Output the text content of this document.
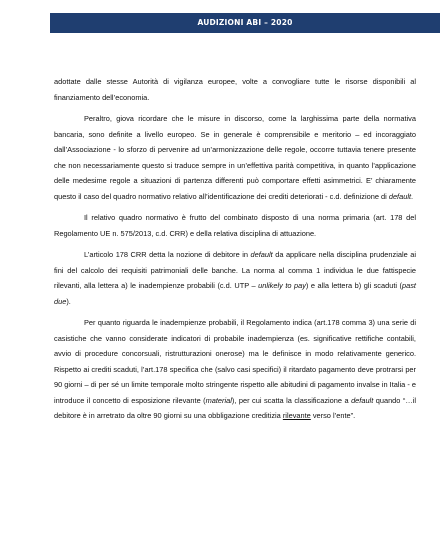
AUDIZIONI ABI – 2020

adottate dalle stesse Autorità di vigilanza europee, volte a convogliare tutte le risorse disponibili al finanziamento dell’economia.

Peraltro, giova ricordare che le misure in discorso, come la larghissima parte della normativa bancaria, sono definite a livello europeo. Se in generale è comprensibile e meritorio – ed incoraggiato dall’Associazione - lo sforzo di pervenire ad un’armonizzazione delle regole, occorre tuttavia tenere presente che non necessariamente questo si traduce sempre in un’effettiva parità competitiva, in quanto l’applicazione delle medesime regole a situazioni di partenza differenti può comportare effetti asimmetrici. E’ chiaramente questo il caso del quadro normativo relativo all’identificazione dei crediti deteriorati - c.d. definizione di default.

Il relativo quadro normativo è frutto del combinato disposto di una norma primaria (art. 178 del Regolamento UE n. 575/2013, c.d. CRR) e della relativa disciplina di attuazione.

L’articolo 178 CRR detta la nozione di debitore in default da applicare nella disciplina prudenziale ai fini del calcolo dei requisiti patrimoniali delle banche. La norma al comma 1 individua le due fattispecie rilevanti, alla lettera a) le inadempienze probabili (c.d. UTP – unlikely to pay) e alla lettera b) gli scaduti (past due).

Per quanto riguarda le inadempienze probabili, il Regolamento indica (art.178 comma 3) una serie di casistiche che vanno considerate indicatori di probabile inadempienza (es. significative rettifiche contabili, avvio di procedure concorsuali, ristrutturazioni onerose) ma le definisce in modo relativamente generico. Rispetto ai crediti scaduti, l’art.178 specifica che (salvo casi specifici) il ritardato pagamento deve protrarsi per 90 giorni – di per sé un limite temporale molto stringente rispetto alle abitudini di pagamento invalse in Italia - e introduce il concetto di esposizione rilevante (material), per cui scatta la classificazione a default quando “…il debitore è in arretrato da oltre 90 giorni su una obbligazione creditizia rilevante verso l’ente”.
